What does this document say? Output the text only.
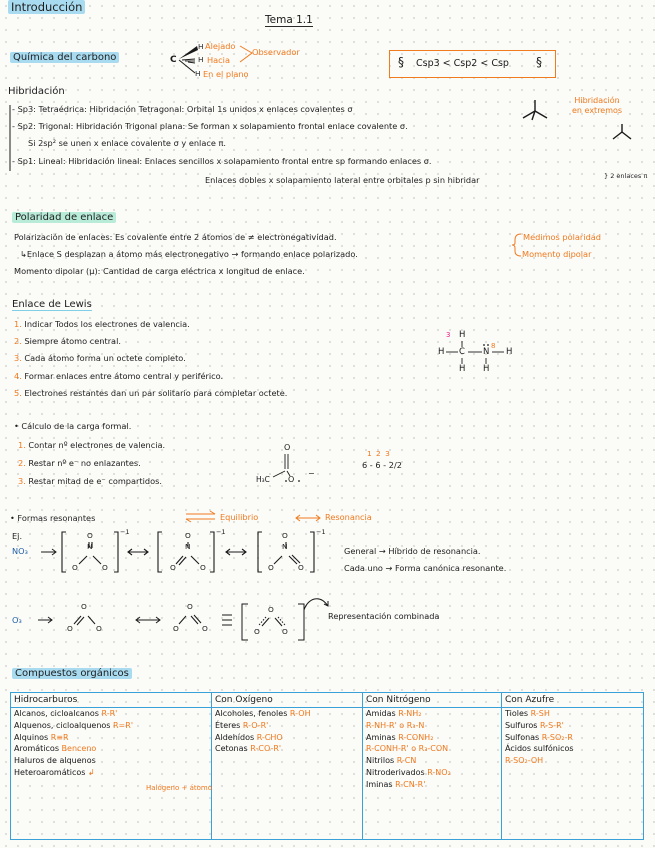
Introducción
Tema 1.1
Química del carbono	C
H
H
H
Alejado
Hacia
En el plano
Observador
§ Csp3 < Csp2 < Csp §
Hibridación
- Sp3: Tetraédrica: Hibridación Tetragonal: Orbital 1s unidos x enlaces covalentes σ
- Sp2: Trigonal: Hibridación Trigonal plana: Se forman x solapamiento frontal enlace covalente σ.
Si 2sp² se unen x enlace covalente σ y enlace π.
- Sp1: Lineal: Hibridación lineal: Enlaces sencillos x solapamiento frontal entre sp formando enlaces σ.
Enlaces dobles x solapamiento lateral entre orbitales p sin hibridar	} 2 enlaces π
Hibridación
en extremos
Polaridad de enlace
Polarización de enlaces: Es covalente entre 2 átomos de ≠ electronegatividad.
↳Enlace S desplazan a átomo más electronegativo → formando enlace polarizado.
Momento dipolar (μ): Cantidad de carga eléctrica x longitud de enlace.
Medimos polaridad
Momento dipolar
Enlace de Lewis
1. Indicar Todos los electrones de valencia.
2. Siempre átomo central.
3. Cada átomo forma un octete completo.
4. Formar enlaces entre átomo central y periférico.
5. Electrones restantes dan un par solitario para completar octete.
3
8
H
H C N H
H H
• Cálculo de la carga formal.
1. Contar nº electrones de valencia.
2. Restar nº e⁻ no enlazantes.
3. Restar mitad de e⁻ compartidos.
O
H₃C O
−
1 2 3
6 - 6 - 2/2
• Formas resonantes	⇌ Equilibrio	Resonancia
Ej.
NO₃
−1	−1	−1
N	N	N
O	O	O
O	O	O	O	O	O
General → Híbrido de resonancia.
Cada uno → Forma canónica resonante.
O₃
O	O	O
O	O	O	O	O	O
Representación combinada
Compuestos orgánicos
Hidrocarburos
Alcanos, cicloalcanos R-R'
Alquenos, cicloalquenos R=R'
Alquinos R≡R
Aromáticos Benceno
Haluros de alquenos
Heteroaromáticos ↲

Con Oxígeno
Alcoholes, fenoles R-OH
Éteres R-O-R'
Aldehídos R-CHO
Cetonas R-CO-R'

Con Nitrógeno
Amidas R-NH₂
R-NH-R' o R₃-N
Aminas R-CONH₂
R-CONH-R' o R₃-CON
Nitrilos R-CN
Nitroderivados R-NO₂
Iminas R-CN-R'

Con Azufre
Tioles R-SH
Sulfuros R-S-R'
Sulfonas R-SO₂-R
Ácidos sulfónicos
R-SO₂-OH
Halógeno + átomo
